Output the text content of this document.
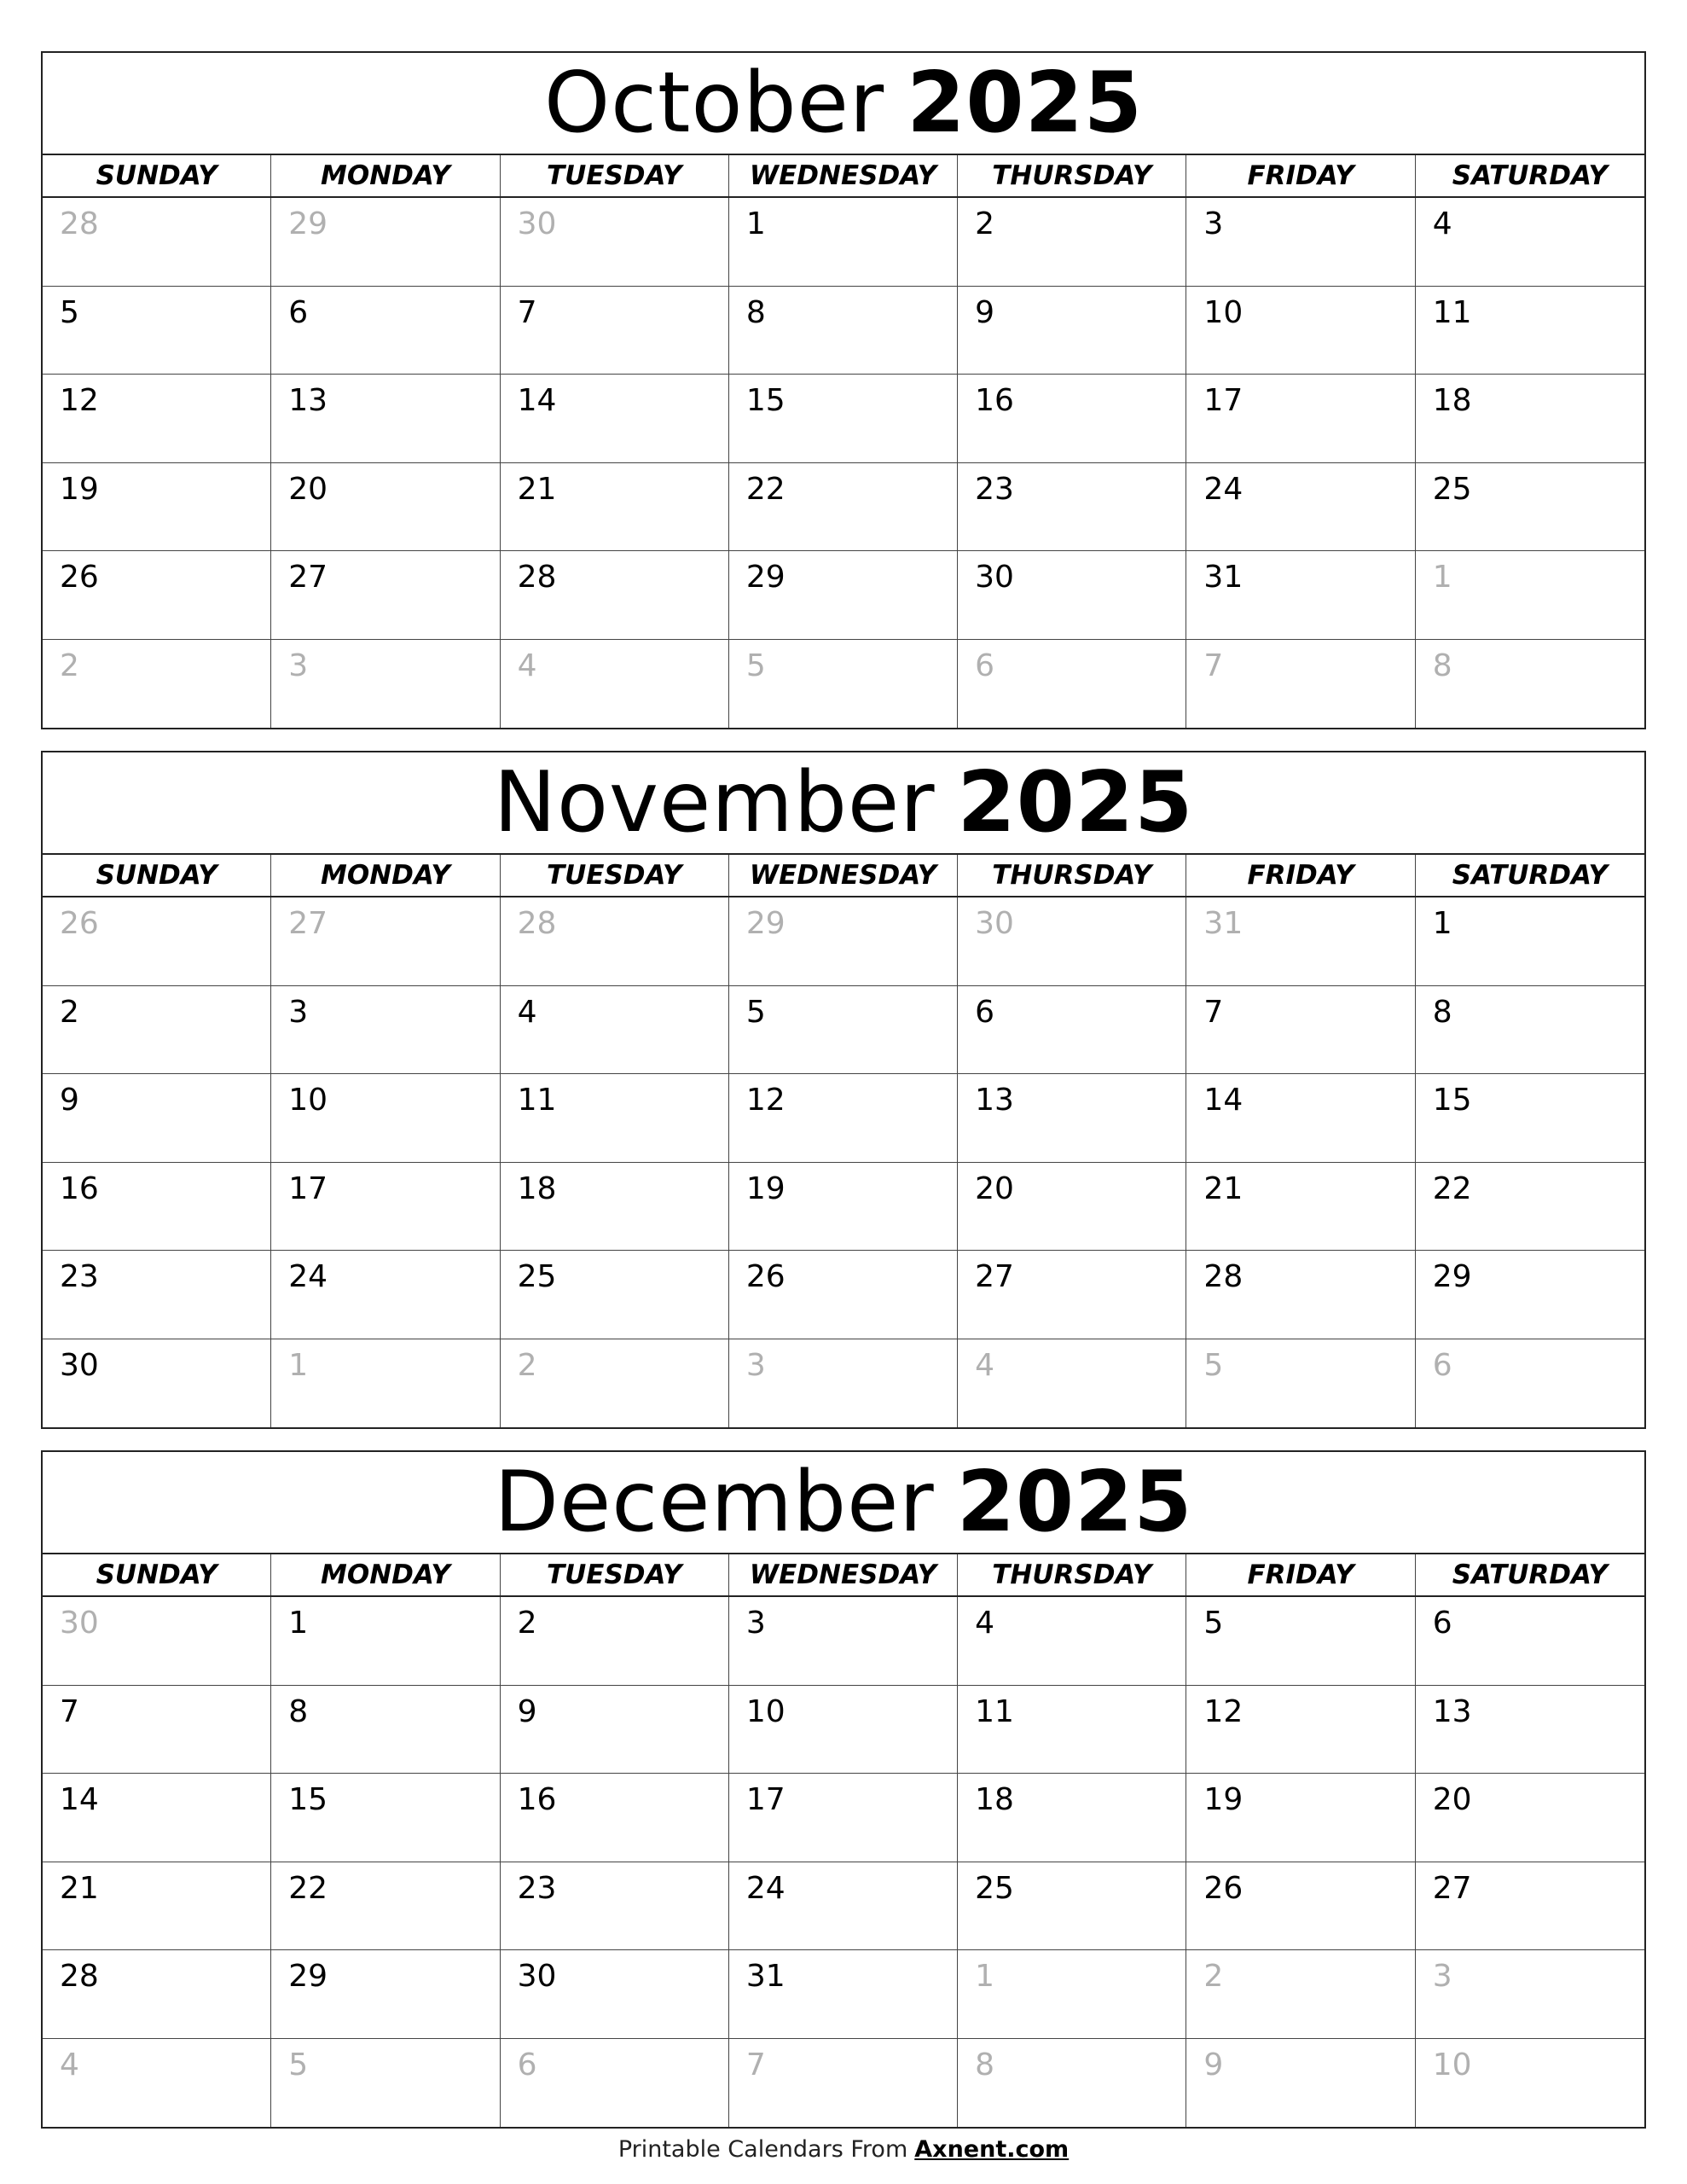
October 2025
SUNDAY	MONDAY	TUESDAY	WEDNESDAY	THURSDAY	FRIDAY	SATURDAY
28	29	30	1	2	3	4
5	6	7	8	9	10	11
12	13	14	15	16	17	18
19	20	21	22	23	24	25
26	27	28	29	30	31	1
2	3	4	5	6	7	8
November 2025
SUNDAY	MONDAY	TUESDAY	WEDNESDAY	THURSDAY	FRIDAY	SATURDAY
26	27	28	29	30	31	1
2	3	4	5	6	7	8
9	10	11	12	13	14	15
16	17	18	19	20	21	22
23	24	25	26	27	28	29
30	1	2	3	4	5	6
December 2025
SUNDAY	MONDAY	TUESDAY	WEDNESDAY	THURSDAY	FRIDAY	SATURDAY
30	1	2	3	4	5	6
7	8	9	10	11	12	13
14	15	16	17	18	19	20
21	22	23	24	25	26	27
28	29	30	31	1	2	3
4	5	6	7	8	9	10
Printable Calendars From Axnent.com
